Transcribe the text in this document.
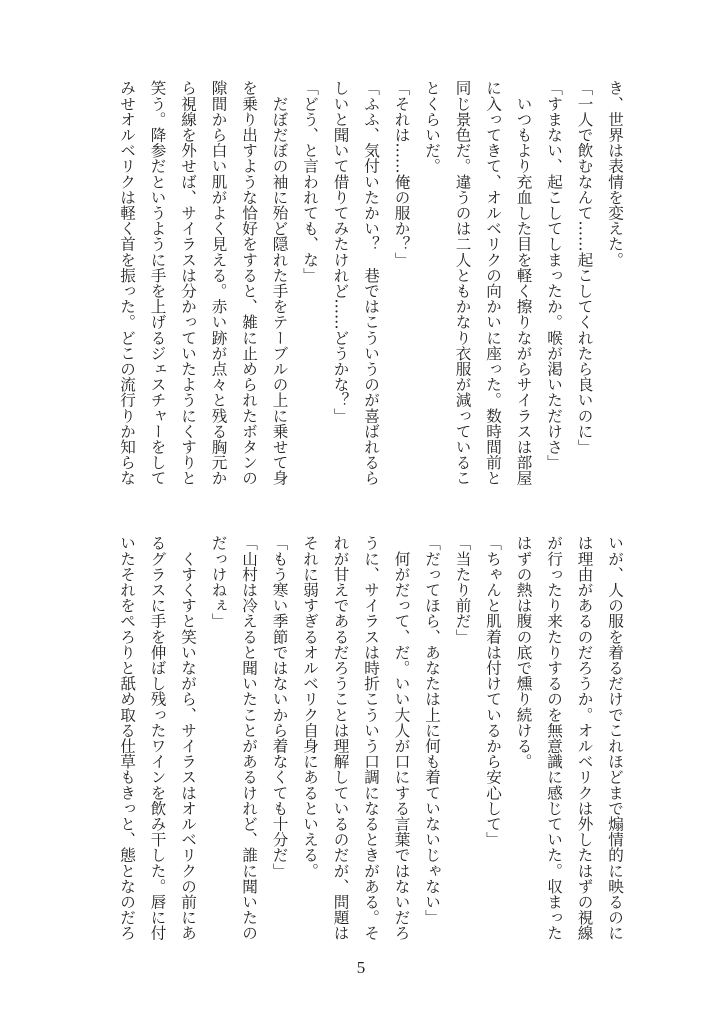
き、世界は表情を変えた。
「一人で飲むなんて……起こしてくれたら良いのに」
「すまない、起こしてしまったか。喉が渇いただけさ」
　いつもより充血した目を軽く擦りながらサイラスは部屋
に入ってきて、オルベリクの向かいに座った。数時間前と
同じ景色だ。違うのは二人ともかなり衣服が減っているこ
とくらいだ。
「それは……俺の服か？」
「ふふ、気付いたかい？　巷ではこういうのが喜ばれるら
しいと聞いて借りてみたけれど……どうかな？」
「どう、と言われても、な」
　だぼだぼの袖に殆ど隠れた手をテーブルの上に乗せて身
を乗り出すような恰好をすると、雑に止められたボタンの
隙間から白い肌がよく見える。赤い跡が点々と残る胸元か
ら視線を外せば、サイラスは分かっていたようにくすりと
笑う。降参だというように手を上げるジェスチャーをして
みせオルベリクは軽く首を振った。どこの流行りか知らな
いが、人の服を着るだけでこれほどまで煽情的に映るのに
は理由があるのだろうか。オルベリクは外したはずの視線
が行ったり来たりするのを無意識に感じていた。収まった
はずの熱は腹の底で燻り続ける。
「ちゃんと肌着は付けているから安心して」
「当たり前だ」
「だってほら、あなたは上に何も着ていないじゃない」
　何がだって、だ。いい大人が口にする言葉ではないだろ
うに、サイラスは時折こういう口調になるときがある。そ
れが甘えであるだろうことは理解しているのだが、問題は
それに弱すぎるオルベリク自身にあるといえる。
「もう寒い季節ではないから着なくても十分だ」
「山村は冷えると聞いたことがあるけれど、誰に聞いたの
だっけねぇ」
　くすくすと笑いながら、サイラスはオルベリクの前にあ
るグラスに手を伸ばし残ったワインを飲み干した。唇に付
いたそれをぺろりと舐め取る仕草もきっと、態となのだろ
5
